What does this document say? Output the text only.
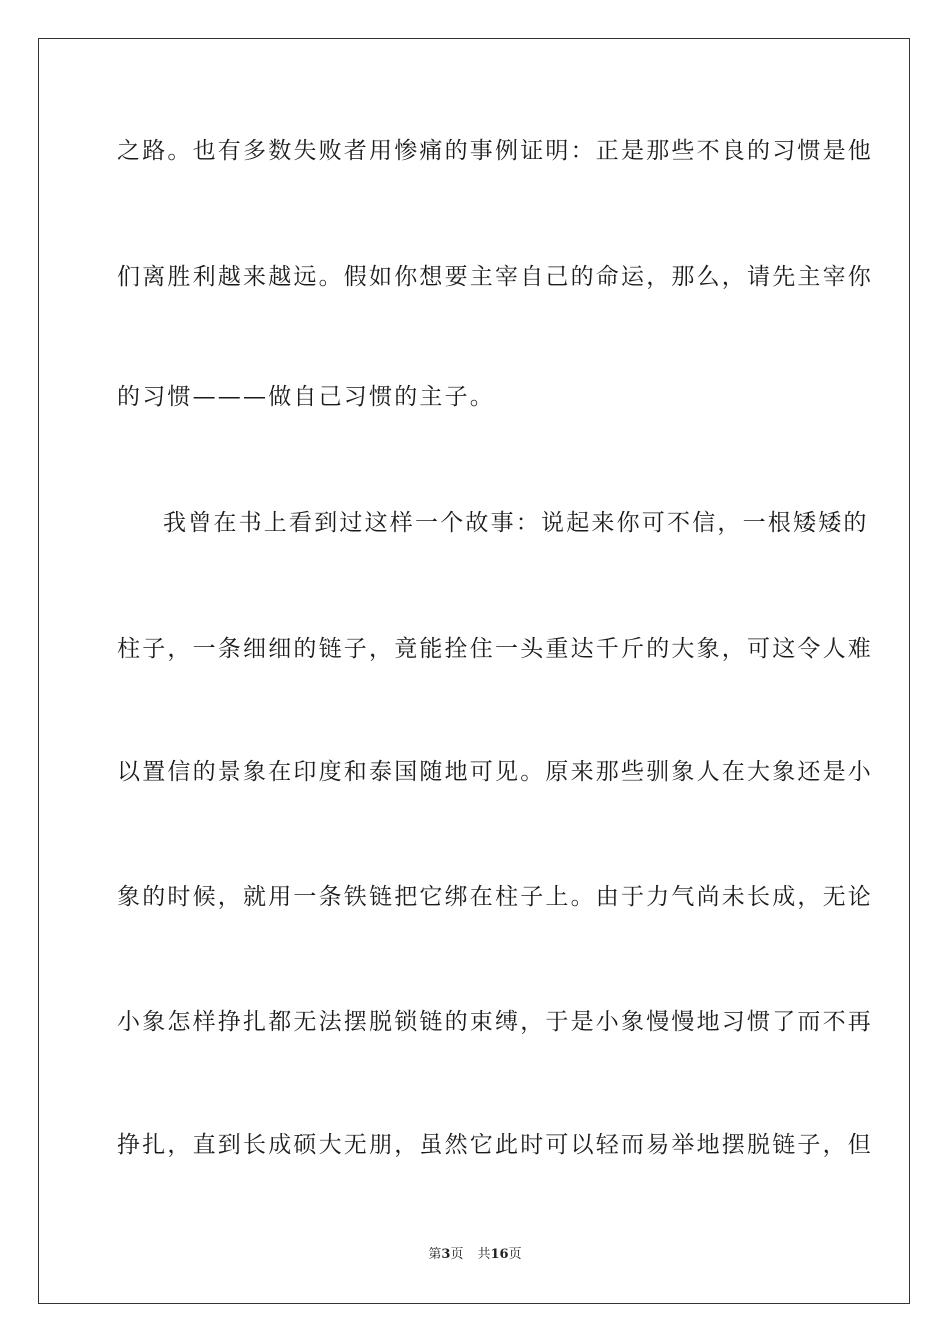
之路。也有多数失败者用惨痛的事例证明：正是那些不良的习惯是他
们离胜利越来越远。假如你想要主宰自己的命运，那么，请先主宰你
的习惯———做自己习惯的主子。
我曾在书上看到过这样一个故事：说起来你可不信，一根矮矮的
柱子，一条细细的链子，竟能拴住一头重达千斤的大象，可这令人难
以置信的景象在印度和泰国随地可见。原来那些驯象人在大象还是小
象的时候，就用一条铁链把它绑在柱子上。由于力气尚未长成，无论
小象怎样挣扎都无法摆脱锁链的束缚，于是小象慢慢地习惯了而不再
挣扎，直到长成硕大无朋，虽然它此时可以轻而易举地摆脱链子，但
第3页 共16页
